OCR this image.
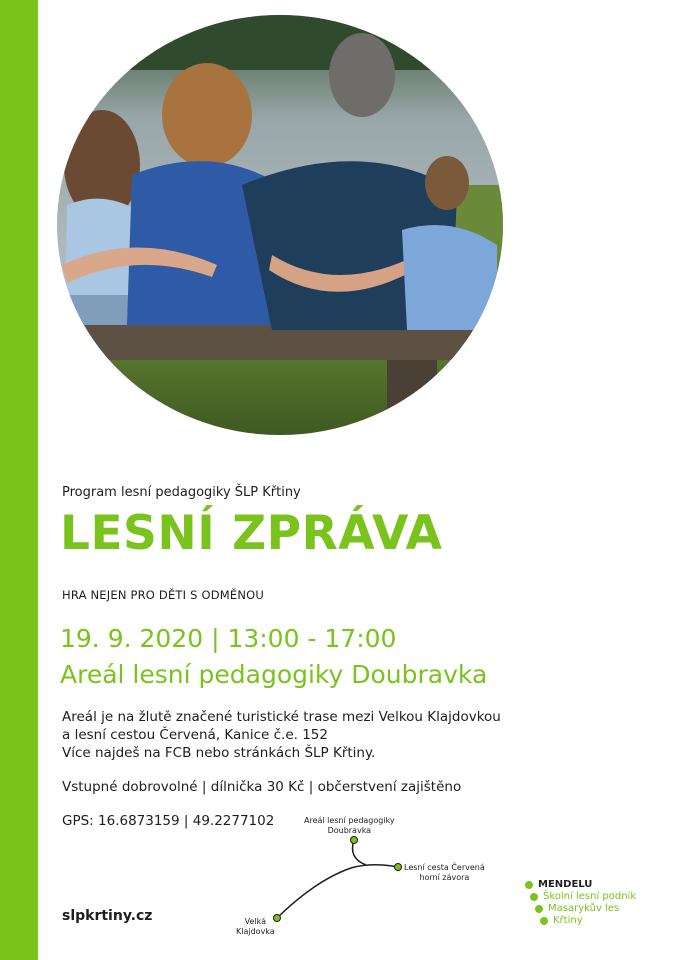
Program lesní pedagogiky ŠLP Křtiny
LESNÍ ZPRÁVA
HRA NEJEN PRO DĚTI S ODMĚNOU
19. 9. 2020 | 13:00 - 17:00
Areál lesní pedagogiky Doubravka
Areál je na žlutě značené turistické trase mezi Velkou Klajdovkou
a lesní cestou Červená, Kanice č.e. 152
Více najdeš na FCB nebo stránkách ŠLP Křtiny.
Vstupné dobrovolné | dílnička 30 Kč | občerstvení zajištěno
GPS: 16.6873159 | 49.2277102
slpkrtiny.cz
Areál lesní pedagogiky
Doubravka
Lesní cesta Červená
horní závora
Velká
Klajdovka
MENDELU
Školní lesní podnik
Masarykův les
Křtiny
